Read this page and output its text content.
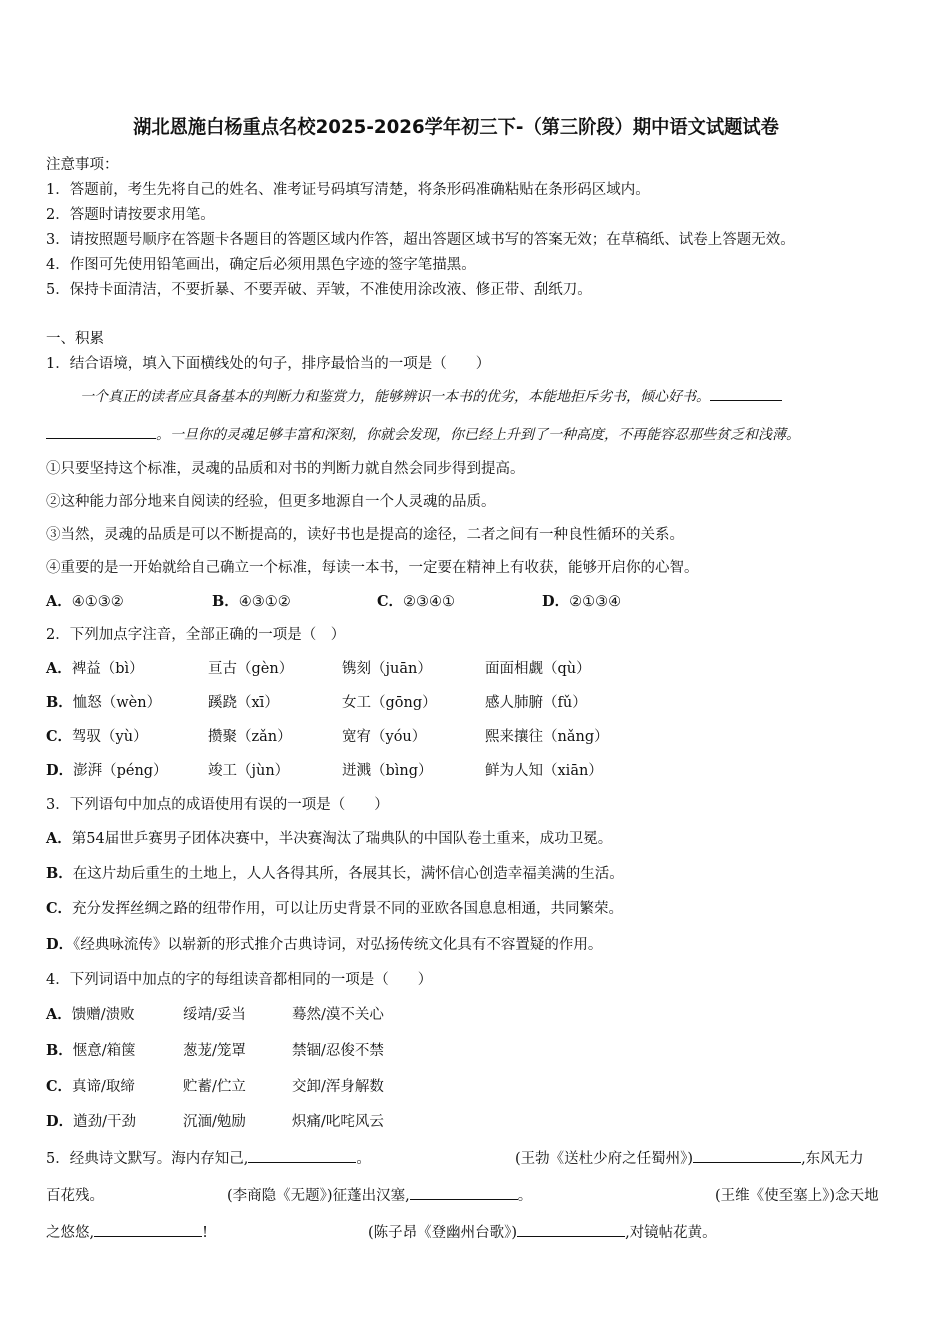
湖北恩施白杨重点名校2025-2026学年初三下-（第三阶段）期中语文试题试卷
注意事项：
1．答题前，考生先将自己的姓名、准考证号码填写清楚，将条形码准确粘贴在条形码区域内。
2．答题时请按要求用笔。
3．请按照题号顺序在答题卡各题目的答题区域内作答，超出答题区域书写的答案无效；在草稿纸、试卷上答题无效。
4．作图可先使用铅笔画出，确定后必须用黑色字迹的签字笔描黑。
5．保持卡面清洁，不要折暴、不要弄破、弄皱，不准使用涂改液、修正带、刮纸刀。
一、积累
1．结合语境，填入下面横线处的句子，排序最恰当的一项是（　　）
一个真正的读者应具备基本的判断力和鉴赏力，能够辨识一本书的优劣，本能地拒斥劣书，倾心好书。
。一旦你的灵魂足够丰富和深刻，你就会发现，你已经上升到了一种高度，不再能容忍那些贫乏和浅薄。
①只要坚持这个标准，灵魂的品质和对书的判断力就自然会同步得到提高。
②这种能力部分地来自阅读的经验，但更多地源自一个人灵魂的品质。
③当然，灵魂的品质是可以不断提高的，读好书也是提高的途径，二者之间有一种良性循环的关系。
④重要的是一开始就给自己确立一个标准，每读一本书，一定要在精神上有收获，能够开启你的心智。
A．④①③②	B．④③①②	C．②③④①	D．②①③④
2．下列加点字注音，全部正确的一项是（　）
A．裨益（bì）	亘古（gèn）	镌刻（juān）	面面相觑（qù）
B．恤怒（wèn）	蹊跷（xī）	女工（gōng）	感人肺腑（fǔ）
C．驾驭（yù）	攒聚（zǎn）	宽宥（yóu）	熙来攘往（nǎng）
D．澎湃（péng）	竣工（jùn）	迸溅（bìng）	鲜为人知（xiān）
3．下列语句中加点的成语使用有误的一项是（　　）
A．第54届世乒赛男子团体决赛中，半决赛淘汰了瑞典队的中国队卷土重来，成功卫冕。
B．在这片劫后重生的土地上，人人各得其所，各展其长，满怀信心创造幸福美满的生活。
C．充分发挥丝绸之路的纽带作用，可以让历史背景不同的亚欧各国息息相通，共同繁荣。
D．《经典咏流传》以崭新的形式推介古典诗词，对弘扬传统文化具有不容置疑的作用。
4．下列词语中加点的字的每组读音都相同的一项是（　　）
A．馈赠/溃败	绥靖/妥当	蓦然/漠不关心
B．惬意/箱箧	葱茏/笼罩	禁锢/忍俊不禁
C．真谛/取缔	贮蓄/伫立	交卸/浑身解数
D．遒劲/干劲	沉湎/勉励	炽痛/叱咤风云
5．经典诗文默写。海内存知己,	。	(王勃《送杜少府之任蜀州》)	,东风无力
百花残。	(李商隐《无题》)征蓬出汉塞,	。	(王维《使至塞上》)念天地
之悠悠,	!	(陈子昂《登幽州台歌》)	,对镜帖花黄。
